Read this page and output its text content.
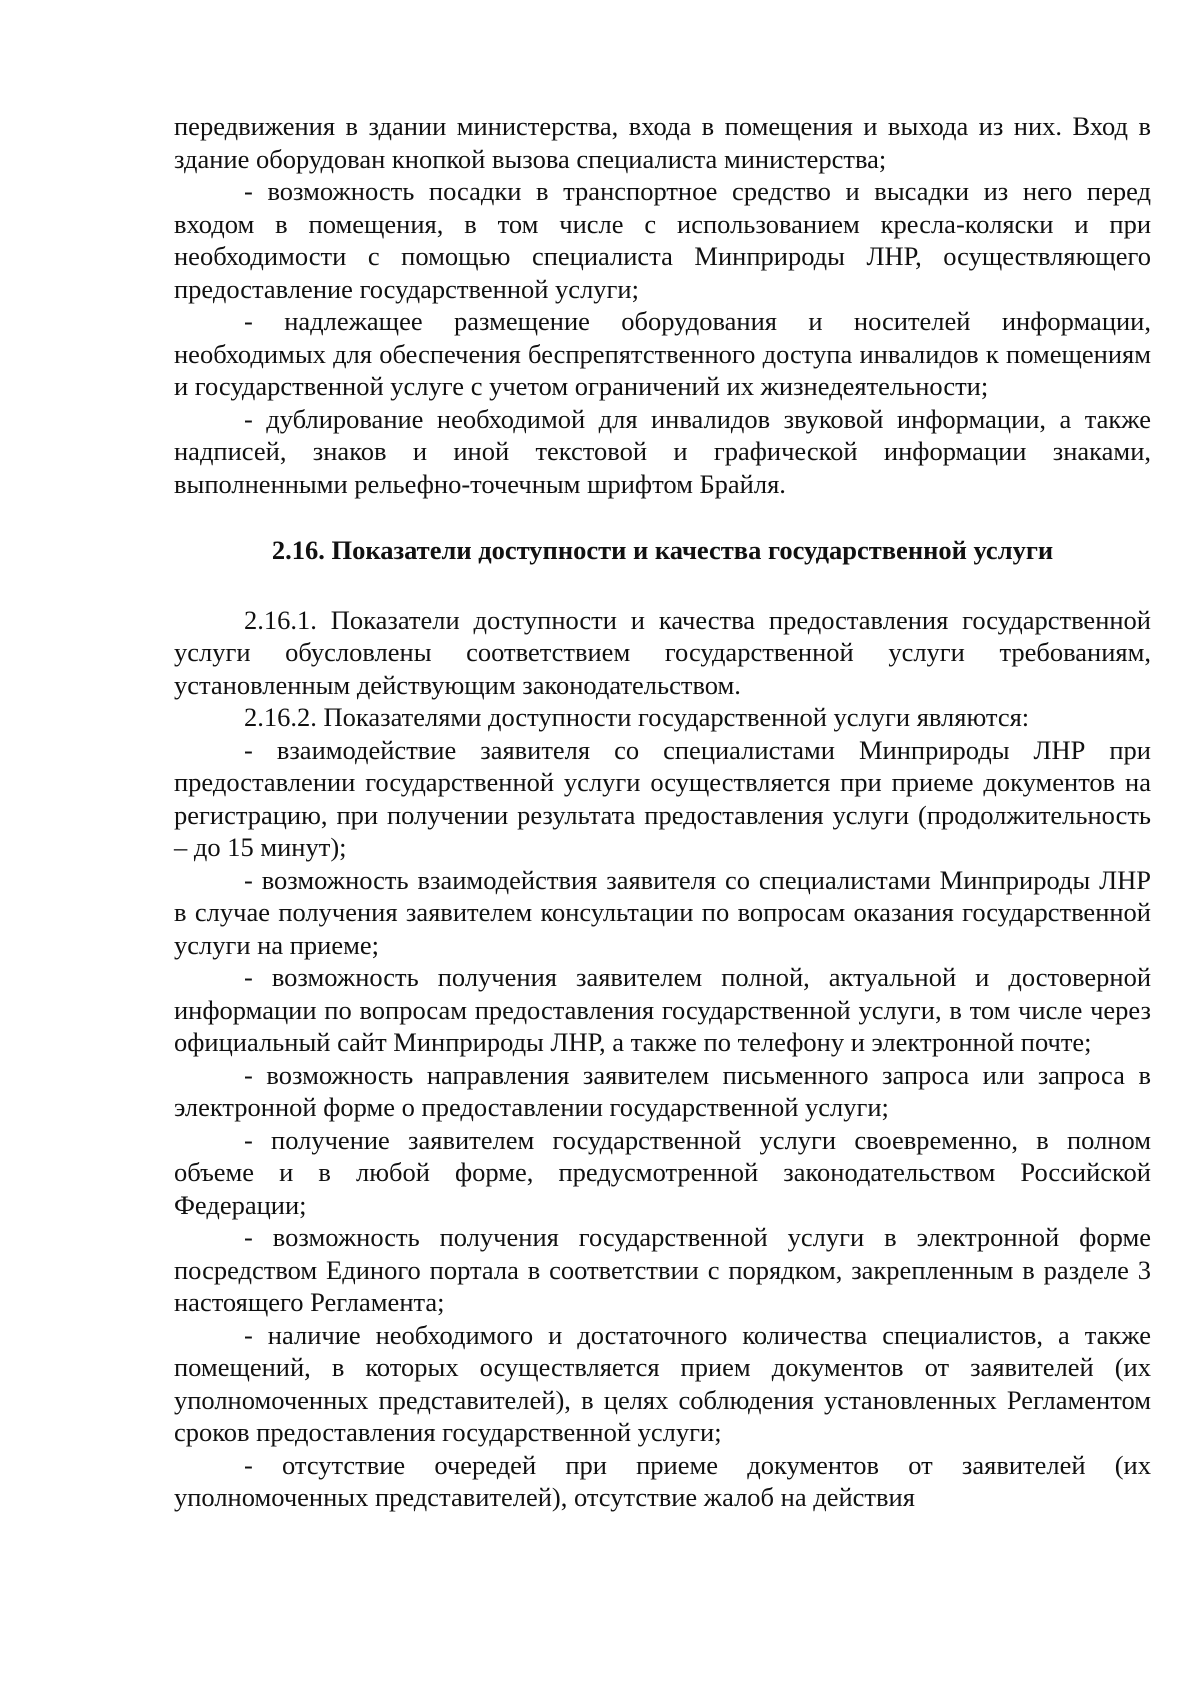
передвижения в здании министерства, входа в помещения и выхода из них. Вход в здание оборудован кнопкой вызова специалиста министерства;

- возможность посадки в транспортное средство и высадки из него перед входом в помещения, в том числе с использованием кресла-коляски и при необходимости с помощью специалиста Минприроды ЛНР, осуществляющего предоставление государственной услуги;

- надлежащее размещение оборудования и носителей информации, необходимых для обеспечения беспрепятственного доступа инвалидов к помещениям и государственной услуге с учетом ограничений их жизнедеятельности;

- дублирование необходимой для инвалидов звуковой информации, а также надписей, знаков и иной текстовой и графической информации знаками, выполненными рельефно-точечным шрифтом Брайля.

2.16. Показатели доступности и качества государственной услуги

2.16.1. Показатели доступности и качества предоставления государственной услуги обусловлены соответствием государственной услуги требованиям, установленным действующим законодательством.

2.16.2. Показателями доступности государственной услуги являются:

- взаимодействие заявителя со специалистами Минприроды ЛНР при предоставлении государственной услуги осуществляется при приеме документов на регистрацию, при получении результата предоставления услуги (продолжительность – до 15 минут);

- возможность взаимодействия заявителя со специалистами Минприроды ЛНР в случае получения заявителем консультации по вопросам оказания государственной услуги на приеме;

- возможность получения заявителем полной, актуальной и достоверной информации по вопросам предоставления государственной услуги, в том числе через официальный сайт Минприроды ЛНР, а также по телефону и электронной почте;

- возможность направления заявителем письменного запроса или запроса в электронной форме о предоставлении государственной услуги;

- получение заявителем государственной услуги своевременно, в полном объеме и в любой форме, предусмотренной законодательством Российской Федерации;

- возможность получения государственной услуги в электронной форме посредством Единого портала в соответствии с порядком, закрепленным в разделе 3 настоящего Регламента;

- наличие необходимого и достаточного количества специалистов, а также помещений, в которых осуществляется прием документов от заявителей (их уполномоченных представителей), в целях соблюдения установленных Регламентом сроков предоставления государственной услуги;

- отсутствие очередей при приеме документов от заявителей (их уполномоченных представителей), отсутствие жалоб на действия
